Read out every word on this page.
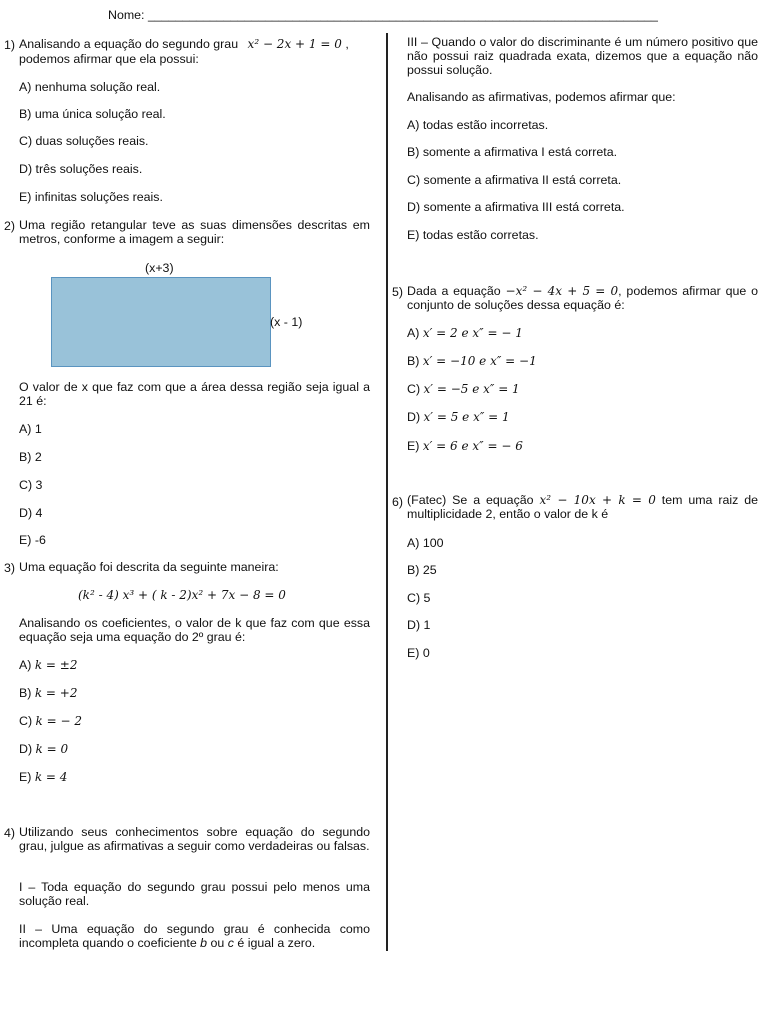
Nome: __________________________________________________________________________
1) Analisando a equação do segundo grau x² − 2x + 1 = 0 ,
podemos afirmar que ela possui:
A) nenhuma solução real.
B) uma única solução real.
C) duas soluções reais.
D) três soluções reais.
E) infinitas soluções reais.
2) Uma região retangular teve as suas dimensões descritas em metros, conforme a imagem a seguir:
(x+3)
(x - 1)
O valor de x que faz com que a área dessa região seja igual a 21 é:
A) 1
B) 2
C) 3
D) 4
E) -6
3) Uma equação foi descrita da seguinte maneira:
(k² - 4) x³ + ( k - 2)x² + 7x − 8 = 0
Analisando os coeficientes, o valor de k que faz com que essa equação seja uma equação do 2º grau é:
A) k = ±2
B) k = +2
C) k = − 2
D) k = 0
E) k = 4
4) Utilizando seus conhecimentos sobre equação do segundo grau, julgue as afirmativas a seguir como verdadeiras ou falsas.
I – Toda equação do segundo grau possui pelo menos uma solução real.
II – Uma equação do segundo grau é conhecida como incompleta quando o coeficiente b ou c é igual a zero.
III – Quando o valor do discriminante é um número positivo que não possui raiz quadrada exata, dizemos que a equação não possui solução.
Analisando as afirmativas, podemos afirmar que:
A) todas estão incorretas.
B) somente a afirmativa I está correta.
C) somente a afirmativa II está correta.
D) somente a afirmativa III está correta.
E) todas estão corretas.
5) Dada a equação −x² − 4x + 5 = 0, podemos afirmar que o conjunto de soluções dessa equação é:
A) x′ = 2 e x″ = − 1
B) x′ = −10 e x″ = −1
C) x′ = −5 e x″ = 1
D) x′ = 5 e x″ = 1
E) x′ = 6 e x″ = − 6
6) (Fatec) Se a equação x² − 10x + k = 0 tem uma raiz de multiplicidade 2, então o valor de k é
A) 100
B) 25
C) 5
D) 1
E) 0
